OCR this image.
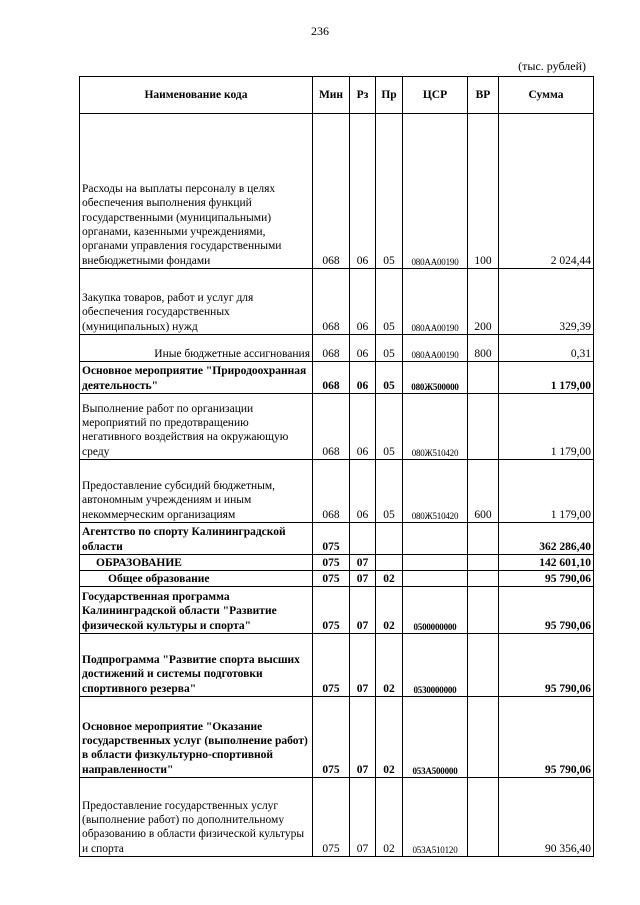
236
(тыс. рублей)
Наименование кода	Мин	Рз	Пр	ЦСР	ВР	Сумма
Расходы на выплаты персоналу в целях обеспечения выполнения функций государственными (муниципальными) органами, казенными учреждениями, органами управления государственными внебюджетными фондами	068	06	05	080АА00190	100	2 024,44
Закупка товаров, работ и услуг для обеспечения государственных (муниципальных) нужд	068	06	05	080АА00190	200	329,39
Иные бюджетные ассигнования	068	06	05	080АА00190	800	0,31
Основное мероприятие "Природоохранная деятельность"	068	06	05	080Ж500000		1 179,00
Выполнение работ по организации мероприятий по предотвращению негативного воздействия на окружающую среду	068	06	05	080Ж510420		1 179,00
Предоставление субсидий бюджетным, автономным учреждениям и иным некоммерческим организациям	068	06	05	080Ж510420	600	1 179,00
Агентство по спорту Калининградской области	075					362 286,40
ОБРАЗОВАНИЕ	075	07				142 601,10
Общее образование	075	07	02			95 790,06
Государственная программа Калининградской области "Развитие физической культуры и спорта"	075	07	02	0500000000		95 790,06
Подпрограмма "Развитие спорта высших достижений и системы подготовки спортивного резерва"	075	07	02	0530000000		95 790,06
Основное мероприятие "Оказание государственных услуг (выполнение работ) в области физкультурно-спортивной направленности"	075	07	02	053А500000		95 790,06
Предоставление государственных услуг (выполнение работ) по дополнительному образованию в области физической культуры и спорта	075	07	02	053А510120		90 356,40
